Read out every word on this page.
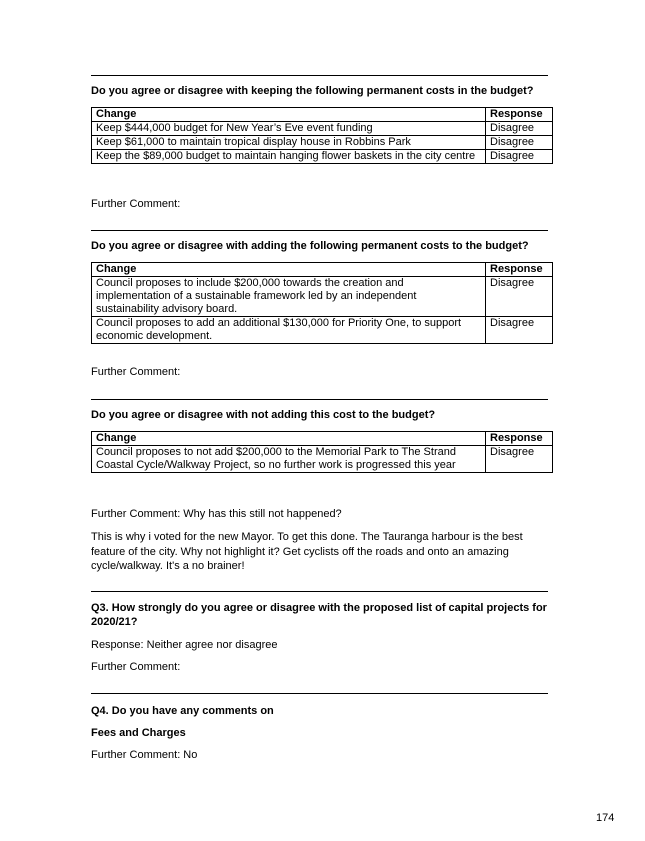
Do you agree or disagree with keeping the following permanent costs in the budget?
Change	Response
Keep $444,000 budget for New Year’s Eve event funding	Disagree
Keep $61,000 to maintain tropical display house in Robbins Park	Disagree
Keep the $89,000 budget to maintain hanging flower baskets in the city centre	Disagree
Further Comment:
Do you agree or disagree with adding the following permanent costs to the budget?
Change	Response
Council proposes to include $200,000 towards the creation and implementation of a sustainable framework led by an independent sustainability advisory board.	Disagree
Council proposes to add an additional $130,000 for Priority One, to support economic development.	Disagree
Further Comment:
Do you agree or disagree with not adding this cost to the budget?
Change	Response
Council proposes to not add $200,000 to the Memorial Park to The Strand Coastal Cycle/Walkway Project, so no further work is progressed this year	Disagree
Further Comment: Why has this still not happened?
This is why i voted for the new Mayor. To get this done. The Tauranga harbour is the best feature of the city. Why not highlight it? Get cyclists off the roads and onto an amazing cycle/walkway. It's a no brainer!
Q3. How strongly do you agree or disagree with the proposed list of capital projects for 2020/21?
Response: Neither agree nor disagree
Further Comment:
Q4. Do you have any comments on
Fees and Charges
Further Comment: No
174
